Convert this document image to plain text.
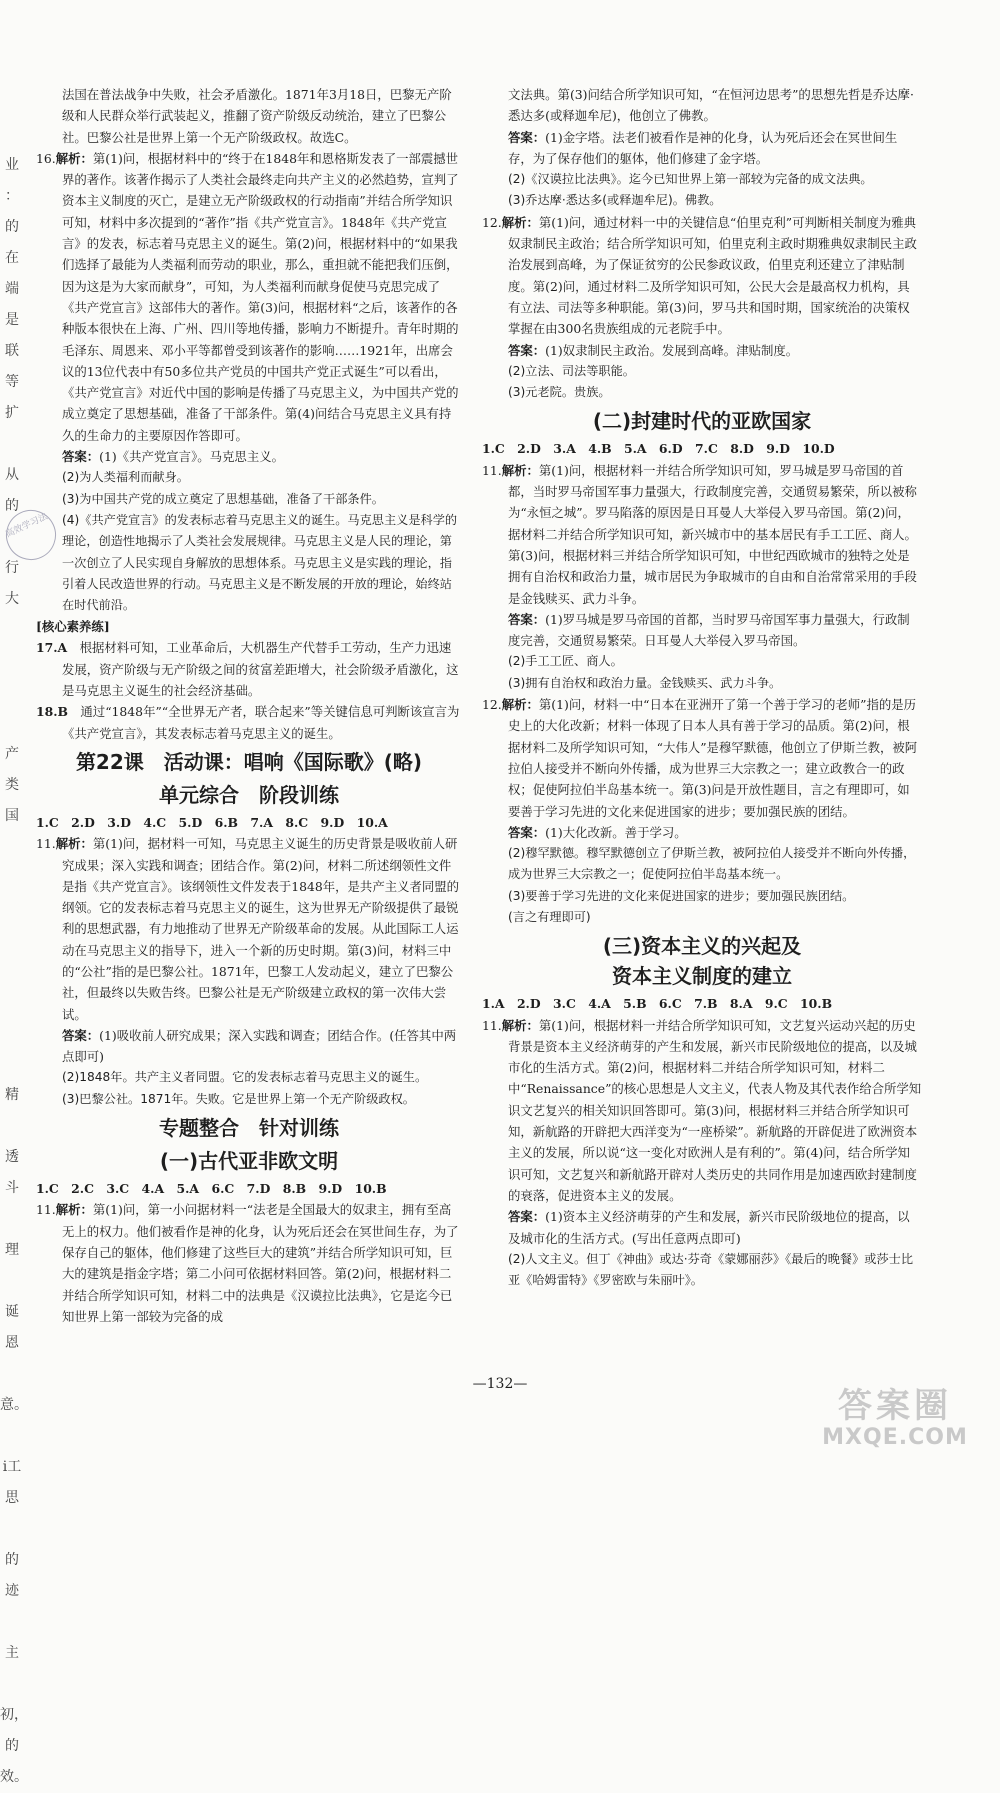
业
：
的
在
端
是
联
等
扩

从
的

行
大

产
类
国

精

透
斗

理

诞
恩

意。

i工
思

的
迹

主

初，
的
效。
高效学习法

法国在普法战争中失败，社会矛盾激化。1871年3月18日，巴黎无产阶级和人民群众举行武装起义，推翻了资产阶级反动统治，建立了巴黎公社。巴黎公社是世界上第一个无产阶级政权。故选C。

16.解析：第(1)问，根据材料中的“终于在1848年和恩格斯发表了一部震撼世界的著作。该著作揭示了人类社会最终走向共产主义的必然趋势，宣判了资本主义制度的灭亡，是建立无产阶级政权的行动指南”并结合所学知识可知，材料中多次提到的“著作”指《共产党宣言》。1848年《共产党宣言》的发表，标志着马克思主义的诞生。第(2)问，根据材料中的“如果我们选择了最能为人类福利而劳动的职业，那么，重担就不能把我们压倒，因为这是为大家而献身”，可知，为人类福利而献身促使马克思完成了《共产党宣言》这部伟大的著作。第(3)问，根据材料“之后，该著作的各种版本很快在上海、广州、四川等地传播，影响力不断提升。青年时期的毛泽东、周恩来、邓小平等都曾受到该著作的影响……1921年，出席会议的13位代表中有50多位共产党员的中国共产党正式诞生”可以看出，《共产党宣言》对近代中国的影响是传播了马克思主义，为中国共产党的成立奠定了思想基础，准备了干部条件。第(4)问结合马克思主义具有持久的生命力的主要原因作答即可。

答案：(1)《共产党宣言》。马克思主义。

(2)为人类福利而献身。

(3)为中国共产党的成立奠定了思想基础，准备了干部条件。

(4)《共产党宣言》的发表标志着马克思主义的诞生。马克思主义是科学的理论，创造性地揭示了人类社会发展规律。马克思主义是人民的理论，第一次创立了人民实现自身解放的思想体系。马克思主义是实践的理论，指引着人民改造世界的行动。马克思主义是不断发展的开放的理论，始终站在时代前沿。

[核心素养练]

17.A　 根据材料可知，工业革命后，大机器生产代替手工劳动，生产力迅速发展，资产阶级与无产阶级之间的贫富差距增大，社会阶级矛盾激化，这是马克思主义诞生的社会经济基础。

18.B　 通过“1848年”“全世界无产者，联合起来”等关键信息可判断该宣言为《共产党宣言》，其发表标志着马克思主义的诞生。

第22课　活动课：唱响《国际歌》(略)
单元综合　阶段训练

1.C　2.D　3.D　4.C　5.D　6.B　7.A　8.C　9.D　10.A

11.解析：第(1)问，据材料一可知，马克思主义诞生的历史背景是吸收前人研究成果；深入实践和调查；团结合作。第(2)问，材料二所述纲领性文件是指《共产党宣言》。该纲领性文件发表于1848年，是共产主义者同盟的纲领。它的发表标志着马克思主义的诞生，这为世界无产阶级提供了最锐利的思想武器，有力地推动了世界无产阶级革命的发展。从此国际工人运动在马克思主义的指导下，进入一个新的历史时期。第(3)问，材料三中的“公社”指的是巴黎公社。1871年，巴黎工人发动起义，建立了巴黎公社，但最终以失败告终。巴黎公社是无产阶级建立政权的第一次伟大尝试。

答案：(1)吸收前人研究成果；深入实践和调查；团结合作。(任答其中两点即可)

(2)1848年。共产主义者同盟。它的发表标志着马克思主义的诞生。

(3)巴黎公社。1871年。失败。它是世界上第一个无产阶级政权。

专题整合　针对训练
(一)古代亚非欧文明

1.C　2.C　3.C　4.A　5.A　6.C　7.D　8.B　9.D　10.B

11.解析：第(1)问，第一小问据材料一“法老是全国最大的奴隶主，拥有至高无上的权力。他们被看作是神的化身，认为死后还会在冥世间生存，为了保存自己的躯体，他们修建了这些巨大的建筑”并结合所学知识可知，巨大的建筑是指金字塔；第二小问可依据材料回答。第(2)问，根据材料二并结合所学知识可知，材料二中的法典是《汉谟拉比法典》，它是迄今已知世界上第一部较为完备的成

文法典。第(3)问结合所学知识可知，“在恒河边思考”的思想先哲是乔达摩·悉达多(或释迦牟尼)，他创立了佛教。

答案：(1)金字塔。法老们被看作是神的化身，认为死后还会在冥世间生存，为了保存他们的躯体，他们修建了金字塔。

(2)《汉谟拉比法典》。迄今已知世界上第一部较为完备的成文法典。

(3)乔达摩·悉达多(或释迦牟尼)。佛教。

12.解析：第(1)问，通过材料一中的关键信息“伯里克利”可判断相关制度为雅典奴隶制民主政治；结合所学知识可知，伯里克利主政时期雅典奴隶制民主政治发展到高峰，为了保证贫穷的公民参政议政，伯里克利还建立了津贴制度。第(2)问，通过材料二及所学知识可知，公民大会是最高权力机构，具有立法、司法等多种职能。第(3)问，罗马共和国时期，国家统治的决策权掌握在由300名贵族组成的元老院手中。

答案：(1)奴隶制民主政治。发展到高峰。津贴制度。

(2)立法、司法等职能。

(3)元老院。贵族。

(二)封建时代的亚欧国家

1.C　2.D　3.A　4.B　5.A　6.D　7.C　8.D　9.D　10.D

11.解析：第(1)问，根据材料一并结合所学知识可知，罗马城是罗马帝国的首都，当时罗马帝国军事力量强大，行政制度完善，交通贸易繁荣，所以被称为“永恒之城”。罗马陷落的原因是日耳曼人大举侵入罗马帝国。第(2)问，据材料二并结合所学知识可知，新兴城市中的基本居民有手工工匠、商人。第(3)问，根据材料三并结合所学知识可知，中世纪西欧城市的独特之处是拥有自治权和政治力量，城市居民为争取城市的自由和自治常常采用的手段是金钱赎买、武力斗争。

答案：(1)罗马城是罗马帝国的首都，当时罗马帝国军事力量强大，行政制度完善，交通贸易繁荣。日耳曼人大举侵入罗马帝国。

(2)手工工匠、商人。

(3)拥有自治权和政治力量。金钱赎买、武力斗争。

12.解析：第(1)问，材料一中“日本在亚洲开了第一个善于学习的老师”指的是历史上的大化改新；材料一体现了日本人具有善于学习的品质。第(2)问，根据材料二及所学知识可知，“大伟人”是穆罕默德，他创立了伊斯兰教，被阿拉伯人接受并不断向外传播，成为世界三大宗教之一；建立政教合一的政权；促使阿拉伯半岛基本统一。第(3)问是开放性题目，言之有理即可，如要善于学习先进的文化来促进国家的进步；要加强民族的团结。

答案：(1)大化改新。善于学习。

(2)穆罕默德。穆罕默德创立了伊斯兰教，被阿拉伯人接受并不断向外传播，成为世界三大宗教之一；促使阿拉伯半岛基本统一。

(3)要善于学习先进的文化来促进国家的进步；要加强民族团结。

(言之有理即可)

(三)资本主义的兴起及
资本主义制度的建立

1.A　2.D　3.C　4.A　5.B　6.C　7.B　8.A　9.C　10.B

11.解析：第(1)问，根据材料一并结合所学知识可知，文艺复兴运动兴起的历史背景是资本主义经济萌芽的产生和发展，新兴市民阶级地位的提高，以及城市化的生活方式。第(2)问，根据材料二并结合所学知识可知，材料二中“Renaissance”的核心思想是人文主义，代表人物及其代表作给合所学知识文艺复兴的相关知识回答即可。第(3)问，根据材料三并结合所学知识可知，新航路的开辟把大西洋变为“一座桥梁”。新航路的开辟促进了欧洲资本主义的发展，所以说“这一变化对欧洲人是有利的”。第(4)问，结合所学知识可知，文艺复兴和新航路开辟对人类历史的共同作用是加速西欧封建制度的衰落，促进资本主义的发展。

答案：(1)资本主义经济萌芽的产生和发展，新兴市民阶级地位的提高，以及城市化的生活方式。(写出任意两点即可)

(2)人文主义。但丁《神曲》或达·芬奇《蒙娜丽莎》《最后的晚餐》或莎士比亚《哈姆雷特》《罗密欧与朱丽叶》。

—132—
答案圈
MXQE.COM
